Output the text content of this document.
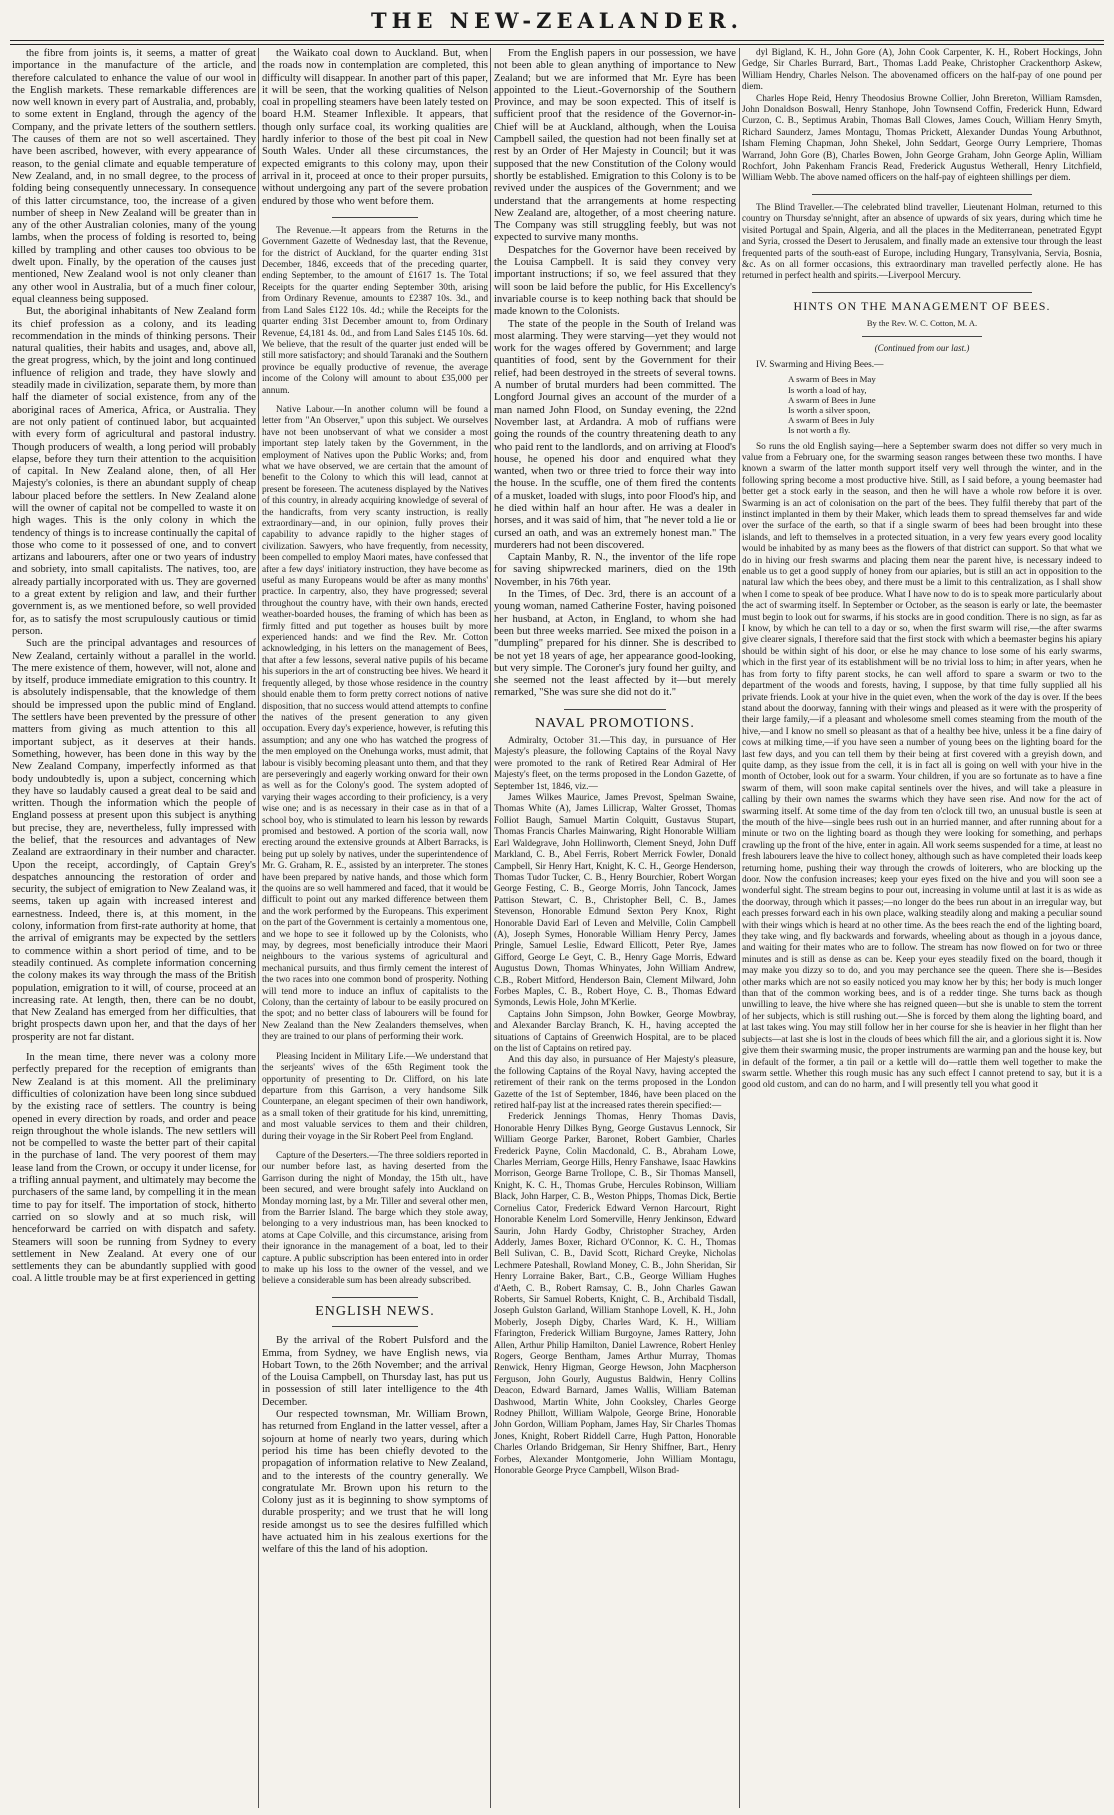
THE NEW-ZEALANDER.

the fibre from joints is, it seems, a matter of great importance in the manufacture of the article, and therefore calculated to enhance the value of our wool in the English markets. These remarkable differences are now well known in every part of Australia, and, probably, to some extent in England, through the agency of the Company, and the private letters of the southern settlers. The causes of them are not so well ascertained. They have been ascribed, however, with every appearance of reason, to the genial climate and equable temperature of New Zealand, and, in no small degree, to the process of folding being consequently unnecessary. In consequence of this latter circumstance, too, the increase of a given number of sheep in New Zealand will be greater than in any of the other Australian colonies, many of the young lambs, when the process of folding is resorted to, being killed by trampling and other causes too obvious to be dwelt upon. Finally, by the operation of the causes just mentioned, New Zealand wool is not only cleaner than any other wool in Australia, but of a much finer colour, equal cleanness being supposed.

But, the aboriginal inhabitants of New Zealand form its chief profession as a colony, and its leading recommendation in the minds of thinking persons. Their natural qualities, their habits and usages, and, above all, the great progress, which, by the joint and long continued influence of religion and trade, they have slowly and steadily made in civilization, separate them, by more than half the diameter of social existence, from any of the aboriginal races of America, Africa, or Australia. They are not only patient of continued labor, but acquainted with every form of agricultural and pastoral industry. Though producers of wealth, a long period will probably elapse, before they turn their attention to the acquisition of capital. In New Zealand alone, then, of all Her Majesty's colonies, is there an abundant supply of cheap labour placed before the settlers. In New Zealand alone will the owner of capital not be compelled to waste it on high wages. This is the only colony in which the tendency of things is to increase continually the capital of those who come to it possessed of one, and to convert artizans and labourers, after one or two years of industry and sobriety, into small capitalists. The natives, too, are already partially incorporated with us. They are governed to a great extent by religion and law, and their further government is, as we mentioned before, so well provided for, as to satisfy the most scrupulously cautious or timid person.

Such are the principal advantages and resources of New Zealand, certainly without a parallel in the world. The mere existence of them, however, will not, alone and by itself, produce immediate emigration to this country. It is absolutely indispensable, that the knowledge of them should be impressed upon the public mind of England. The settlers have been prevented by the pressure of other matters from giving as much attention to this all important subject, as it deserves at their hands. Something, however, has been done in this way by the New Zealand Company, imperfectly informed as that body undoubtedly is, upon a subject, concerning which they have so laudably caused a great deal to be said and written. Though the information which the people of England possess at present upon this subject is anything but precise, they are, nevertheless, fully impressed with the belief, that the resources and advantages of New Zealand are extraordinary in their number and character. Upon the receipt, accordingly, of Captain Grey's despatches announcing the restoration of order and security, the subject of emigration to New Zealand was, it seems, taken up again with increased interest and earnestness. Indeed, there is, at this moment, in the colony, information from first-rate authority at home, that the arrival of emigrants may be expected by the settlers to commence within a short period of time, and to be steadily continued. As complete information concerning the colony makes its way through the mass of the British population, emigration to it will, of course, proceed at an increasing rate. At length, then, there can be no doubt, that New Zealand has emerged from her difficulties, that bright prospects dawn upon her, and that the days of her prosperity are not far distant.

In the mean time, there never was a colony more perfectly prepared for the reception of emigrants than New Zealand is at this moment. All the preliminary difficulties of colonization have been long since subdued by the existing race of settlers. The country is being opened in every direction by roads, and order and peace reign throughout the whole islands. The new settlers will not be compelled to waste the better part of their capital in the purchase of land. The very poorest of them may lease land from the Crown, or occupy it under license, for a trifling annual payment, and ultimately may become the purchasers of the same land, by compelling it in the mean time to pay for itself. The importation of stock, hitherto carried on so slowly and at so much risk, will henceforward be carried on with dispatch and safety. Steamers will soon be running from Sydney to every settlement in New Zealand. At every one of our settlements they can be abundantly supplied with good coal. A little trouble may be at first experienced in getting

the Waikato coal down to Auckland. But, when the roads now in contemplation are completed, this difficulty will disappear. In another part of this paper, it will be seen, that the working qualities of Nelson coal in propelling steamers have been lately tested on board H.M. Steamer Inflexible. It appears, that though only surface coal, its working qualities are hardly inferior to those of the best pit coal in New South Wales. Under all these circumstances, the expected emigrants to this colony may, upon their arrival in it, proceed at once to their proper pursuits, without undergoing any part of the severe probation endured by those who went before them.

The Revenue.—It appears from the Returns in the Government Gazette of Wednesday last, that the Revenue, for the district of Auckland, for the quarter ending 31st December, 1846, exceeds that of the preceding quarter, ending September, to the amount of £1617 1s. The Total Receipts for the quarter ending September 30th, arising from Ordinary Revenue, amounts to £2387 10s. 3d., and from Land Sales £122 10s. 4d.; while the Receipts for the quarter ending 31st December amount to, from Ordinary Revenue, £4,181 4s. 0d., and from Land Sales £145 10s. 6d. We believe, that the result of the quarter just ended will be still more satisfactory; and should Taranaki and the Southern province be equally productive of revenue, the average income of the Colony will amount to about £35,000 per annum.

Native Labour.—In another column will be found a letter from "An Observer," upon this subject. We ourselves have not been unobservant of what we consider a most important step lately taken by the Government, in the employment of Natives upon the Public Works; and, from what we have observed, we are certain that the amount of benefit to the Colony to which this will lead, cannot at present be foreseen. The acuteness displayed by the Natives of this country, in already acquiring knowledge of several of the handicrafts, from very scanty instruction, is really extraordinary—and, in our opinion, fully proves their capability to advance rapidly to the higher stages of civilization. Sawyers, who have frequently, from necessity, been compelled to employ Maori mates, have confessed that after a few days' initiatory instruction, they have become as useful as many Europeans would be after as many months' practice. In carpentry, also, they have progressed; several throughout the country have, with their own hands, erected weather-boarded houses, the framing of which has been as firmly fitted and put together as houses built by more experienced hands: and we find the Rev. Mr. Cotton acknowledging, in his letters on the management of Bees, that after a few lessons, several native pupils of his became his superiors in the art of constructing bee hives. We heard it frequently alleged, by those whose residence in the country should enable them to form pretty correct notions of native disposition, that no success would attend attempts to confine the natives of the present generation to any given occupation. Every day's experience, however, is refuting this assumption; and any one who has watched the progress of the men employed on the Onehunga works, must admit, that labour is visibly becoming pleasant unto them, and that they are perseveringly and eagerly working onward for their own as well as for the Colony's good. The system adopted of varying their wages according to their proficiency, is a very wise one; and is as necessary in their case as in that of a school boy, who is stimulated to learn his lesson by rewards promised and bestowed. A portion of the scoria wall, now erecting around the extensive grounds at Albert Barracks, is being put up solely by natives, under the superintendence of Mr. G. Graham, R. E., assisted by an interpreter. The stones have been prepared by native hands, and those which form the quoins are so well hammered and faced, that it would be difficult to point out any marked difference between them and the work performed by the Europeans. This experiment on the part of the Government is certainly a momentous one, and we hope to see it followed up by the Colonists, who may, by degrees, most beneficially introduce their Maori neighbours to the various systems of agricultural and mechanical pursuits, and thus firmly cement the interest of the two races into one common bond of prosperity. Nothing will tend more to induce an influx of capitalists to the Colony, than the certainty of labour to be easily procured on the spot; and no better class of labourers will be found for New Zealand than the New Zealanders themselves, when they are trained to our plans of performing their work.

Pleasing Incident in Military Life.—We understand that the serjeants' wives of the 65th Regiment took the opportunity of presenting to Dr. Clifford, on his late departure from this Garrison, a very handsome Silk Counterpane, an elegant specimen of their own handiwork, as a small token of their gratitude for his kind, unremitting, and most valuable services to them and their children, during their voyage in the Sir Robert Peel from England.

Capture of the Deserters.—The three soldiers reported in our number before last, as having deserted from the Garrison during the night of Monday, the 15th ult., have been secured, and were brought safely into Auckland on Monday morning last, by a Mr. Tiller and several other men, from the Barrier Island. The barge which they stole away, belonging to a very industrious man, has been knocked to atoms at Cape Colville, and this circumstance, arising from their ignorance in the management of a boat, led to their capture. A public subscription has been entered into in order to make up his loss to the owner of the vessel, and we believe a considerable sum has been already subscribed.

ENGLISH NEWS.

By the arrival of the Robert Pulsford and the Emma, from Sydney, we have English news, via Hobart Town, to the 26th November; and the arrival of the Louisa Campbell, on Thursday last, has put us in possession of still later intelligence to the 4th December.

Our respected townsman, Mr. William Brown, has returned from England in the latter vessel, after a sojourn at home of nearly two years, during which period his time has been chiefly devoted to the propagation of information relative to New Zealand, and to the interests of the country generally. We congratulate Mr. Brown upon his return to the Colony just as it is beginning to show symptoms of durable prosperity; and we trust that he will long reside amongst us to see the desires fulfilled which have actuated him in his zealous exertions for the welfare of this the land of his adoption.

From the English papers in our possession, we have not been able to glean anything of importance to New Zealand; but we are informed that Mr. Eyre has been appointed to the Lieut.-Governorship of the Southern Province, and may be soon expected. This of itself is sufficient proof that the residence of the Governor-in-Chief will be at Auckland, although, when the Louisa Campbell sailed, the question had not been finally set at rest by an Order of Her Majesty in Council; but it was supposed that the new Constitution of the Colony would shortly be established. Emigration to this Colony is to be revived under the auspices of the Government; and we understand that the arrangements at home respecting New Zealand are, altogether, of a most cheering nature. The Company was still struggling feebly, but was not expected to survive many months.

Despatches for the Governor have been received by the Louisa Campbell. It is said they convey very important instructions; if so, we feel assured that they will soon be laid before the public, for His Excellency's invariable course is to keep nothing back that should be made known to the Colonists.

The state of the people in the South of Ireland was most alarming. They were starving—yet they would not work for the wages offered by Government; and large quantities of food, sent by the Government for their relief, had been destroyed in the streets of several towns. A number of brutal murders had been committed. The Longford Journal gives an account of the murder of a man named John Flood, on Sunday evening, the 22nd November last, at Ardandra. A mob of ruffians were going the rounds of the country threatening death to any who paid rent to the landlords, and on arriving at Flood's house, he opened his door and enquired what they wanted, when two or three tried to force their way into the house. In the scuffle, one of them fired the contents of a musket, loaded with slugs, into poor Flood's hip, and he died within half an hour after. He was a dealer in horses, and it was said of him, that "he never told a lie or cursed an oath, and was an extremely honest man." The murderers had not been discovered.

Captain Manby, R. N., the inventor of the life rope for saving shipwrecked mariners, died on the 19th November, in his 76th year.

In the Times, of Dec. 3rd, there is an account of a young woman, named Catherine Foster, having poisoned her husband, at Acton, in England, to whom she had been but three weeks married. See mixed the poison in a "dumpling" prepared for his dinner. She is described to be not yet 18 years of age, her appearance good-looking, but very simple. The Coroner's jury found her guilty, and she seemed not the least affected by it—but merely remarked, "She was sure she did not do it."

NAVAL PROMOTIONS.

Admiralty, October 31.—This day, in pursuance of Her Majesty's pleasure, the following Captains of the Royal Navy were promoted to the rank of Retired Rear Admiral of Her Majesty's fleet, on the terms proposed in the London Gazette, of September 1st, 1846, viz.—

James Wilkes Maurice, James Prevost, Spelman Swaine, Thomas White (A), James Lillicrap, Walter Grosset, Thomas Folliot Baugh, Samuel Martin Colquitt, Gustavus Stupart, Thomas Francis Charles Mainwaring, Right Honorable William Earl Waldegrave, John Hollinworth, Clement Sneyd, John Duff Markland, C. B., Abel Ferris, Robert Merrick Fowler, Donald Campbell, Sir Henry Hart, Knight, K. C. H., George Henderson, Thomas Tudor Tucker, C. B., Henry Bourchier, Robert Worgan George Festing, C. B., George Morris, John Tancock, James Pattison Stewart, C. B., Christopher Bell, C. B., James Stevenson, Honorable Edmund Sexton Pery Knox, Right Honorable David Earl of Leven and Melville, Colin Campbell (A), Joseph Symes, Honorable William Henry Percy, James Pringle, Samuel Leslie, Edward Ellicott, Peter Rye, James Gifford, George Le Geyt, C. B., Henry Gage Morris, Edward Augustus Down, Thomas Whinyates, John William Andrew, C.B., Robert Mitford, Henderson Bain, Clement Milward, John Forbes Maples, C. B., Robert Hoye, C. B., Thomas Edward Symonds, Lewis Hole, John M'Kerlie.

Captains John Simpson, John Bowker, George Mowbray, and Alexander Barclay Branch, K. H., having accepted the situations of Captains of Greenwich Hospital, are to be placed on the list of Captains on retired pay.

And this day also, in pursuance of Her Majesty's pleasure, the following Captains of the Royal Navy, having accepted the retirement of their rank on the terms proposed in the London Gazette of the 1st of September, 1846, have been placed on the retired half-pay list at the increased rates therein specified:—

Frederick Jennings Thomas, Henry Thomas Davis, Honorable Henry Dilkes Byng, George Gustavus Lennock, Sir William George Parker, Baronet, Robert Gambier, Charles Frederick Payne, Colin Macdonald, C. B., Abraham Lowe, Charles Merriam, George Hills, Henry Fanshawe, Isaac Hawkins Morrison, George Barne Trollope, C. B., Sir Thomas Mansell, Knight, K. C. H., Thomas Grube, Hercules Robinson, William Black, John Harper, C. B., Weston Phipps, Thomas Dick, Bertie Cornelius Cator, Frederick Edward Vernon Harcourt, Right Honorable Kenelm Lord Somerville, Henry Jenkinson, Edward Saurin, John Hardy Godby, Christopher Strachey, Arden Adderly, James Boxer, Richard O'Connor, K. C. H., Thomas Bell Sulivan, C. B., David Scott, Richard Creyke, Nicholas Lechmere Pateshall, Rowland Money, C. B., John Sheridan, Sir Henry Lorraine Baker, Bart., C.B., George William Hughes d'Aeth, C. B., Robert Ramsay, C. B., John Charles Gawan Roberts, Sir Samuel Roberts, Knight, C. B., Archibald Tisdall, Joseph Gulston Garland, William Stanhope Lovell, K. H., John Moberly, Joseph Digby, Charles Ward, K. H., William Ffarington, Frederick William Burgoyne, James Rattery, John Allen, Arthur Philip Hamilton, Daniel Lawrence, Robert Henley Rogers, George Bentham, James Arthur Murray, Thomas Renwick, Henry Higman, George Hewson, John Macpherson Ferguson, John Gourly, Augustus Baldwin, Henry Collins Deacon, Edward Barnard, James Wallis, William Bateman Dashwood, Martin White, John Cooksley, Charles George Rodney Phillott, William Walpole, George Brine, Honorable John Gordon, William Popham, James Hay, Sir Charles Thomas Jones, Knight, Robert Riddell Carre, Hugh Patton, Honorable Charles Orlando Bridgeman, Sir Henry Shiffner, Bart., Henry Forbes, Alexander Montgomerie, John William Montagu, Honorable George Pryce Campbell, Wilson Brad-

dyl Bigland, K. H., John Gore (A), John Cook Carpenter, K. H., Robert Hockings, John Gedge, Sir Charles Burrard, Bart., Thomas Ladd Peake, Christopher Crackenthorp Askew, William Hendry, Charles Nelson. The abovenamed officers on the half-pay of one pound per diem.

Charles Hope Reid, Henry Theodosius Browne Collier, John Brereton, William Ramsden, John Donaldson Boswall, Henry Stanhope, John Townsend Coffin, Frederick Hunn, Edward Curzon, C. B., Septimus Arabin, Thomas Ball Clowes, James Couch, William Henry Smyth, Richard Saunderz, James Montagu, Thomas Prickett, Alexander Dundas Young Arbuthnot, Isham Fleming Chapman, John Shekel, John Seddart, George Ourry Lempriere, Thomas Warrand, John Gore (B), Charles Bowen, John George Graham, John George Aplin, William Rochfort, John Pakenham Francis Read, Frederick Augustus Wetherall, Henry Litchfield, William Webb. The above named officers on the half-pay of eighteen shillings per diem.

The Blind Traveller.—The celebrated blind traveller, Lieutenant Holman, returned to this country on Thursday se'nnight, after an absence of upwards of six years, during which time he visited Portugal and Spain, Algeria, and all the places in the Mediterranean, penetrated Egypt and Syria, crossed the Desert to Jerusalem, and finally made an extensive tour through the least frequented parts of the south-east of Europe, including Hungary, Transylvania, Servia, Bosnia, &c. As on all former occasions, this extraordinary man travelled perfectly alone. He has returned in perfect health and spirits.—Liverpool Mercury.

HINTS ON THE MANAGEMENT OF BEES.
By the Rev. W. C. Cotton, M. A.
(Continued from our last.)

IV. Swarming and Hiving Bees.—

A swarm of Bees in May
Is worth a load of hay,
A swarm of Bees in June
Is worth a silver spoon,
A swarm of Bees in July
Is not worth a fly.

So runs the old English saying—here a September swarm does not differ so very much in value from a February one, for the swarming season ranges between these two months. I have known a swarm of the latter month support itself very well through the winter, and in the following spring become a most productive hive. Still, as I said before, a young beemaster had better get a stock early in the season, and then he will have a whole row before it is over. Swarming is an act of colonisation on the part of the bees. They fulfil thereby that part of the instinct implanted in them by their Maker, which leads them to spread themselves far and wide over the surface of the earth, so that if a single swarm of bees had been brought into these islands, and left to themselves in a protected situation, in a very few years every good locality would be inhabited by as many bees as the flowers of that district can support. So that what we do in hiving our fresh swarms and placing them near the parent hive, is necessary indeed to enable us to get a good supply of honey from our apiaries, but is still an act in opposition to the natural law which the bees obey, and there must be a limit to this centralization, as I shall show when I come to speak of bee produce. What I have now to do is to speak more particularly about the act of swarming itself. In September or October, as the season is early or late, the beemaster must begin to look out for swarms, if his stocks are in good condition. There is no sign, as far as I know, by which he can tell to a day or so, when the first swarm will rise,—the after swarms give clearer signals, I therefore said that the first stock with which a beemaster begins his apiary should be within sight of his door, or else he may chance to lose some of his early swarms, which in the first year of its establishment will be no trivial loss to him; in after years, when he has from forty to fifty parent stocks, he can well afford to spare a swarm or two to the department of the woods and forests, having, I suppose, by that time fully supplied all his private friends. Look at your hive in the quiet even, when the work of the day is over. If the bees stand about the doorway, fanning with their wings and pleased as it were with the prosperity of their large family,—if a pleasant and wholesome smell comes steaming from the mouth of the hive,—and I know no smell so pleasant as that of a healthy bee hive, unless it be a fine dairy of cows at milking time,—if you have seen a number of young bees on the lighting board for the last few days, and you can tell them by their being at first covered with a greyish down, and quite damp, as they issue from the cell, it is in fact all is going on well with your hive in the month of October, look out for a swarm. Your children, if you are so fortunate as to have a fine swarm of them, will soon make capital sentinels over the hives, and will take a pleasure in calling by their own names the swarms which they have seen rise. And now for the act of swarming itself. At some time of the day from ten o'clock till two, an unusual bustle is seen at the mouth of the hive—single bees rush out in an hurried manner, and after running about for a minute or two on the lighting board as though they were looking for something, and perhaps crawling up the front of the hive, enter in again. All work seems suspended for a time, at least no fresh labourers leave the hive to collect honey, although such as have completed their loads keep returning home, pushing their way through the crowds of loiterers, who are blocking up the door. Now the confusion increases; keep your eyes fixed on the hive and you will soon see a wonderful sight. The stream begins to pour out, increasing in volume until at last it is as wide as the doorway, through which it passes;—no longer do the bees run about in an irregular way, but each presses forward each in his own place, walking steadily along and making a peculiar sound with their wings which is heard at no other time. As the bees reach the end of the lighting board, they take wing, and fly backwards and forwards, wheeling about as though in a joyous dance, and waiting for their mates who are to follow. The stream has now flowed on for two or three minutes and is still as dense as can be. Keep your eyes steadily fixed on the board, though it may make you dizzy so to do, and you may perchance see the queen. There she is—Besides other marks which are not so easily noticed you may know her by this; her body is much longer than that of the common working bees, and is of a redder tinge. She turns back as though unwilling to leave, the hive where she has reigned queen—but she is unable to stem the torrent of her subjects, which is still rushing out.—She is forced by them along the lighting board, and at last takes wing. You may still follow her in her course for she is heavier in her flight than her subjects—at last she is lost in the clouds of bees which fill the air, and a glorious sight it is. Now give them their swarming music, the proper instruments are warming pan and the house key, but in default of the former, a tin pail or a kettle will do—rattle them well together to make the swarm settle. Whether this rough music has any such effect I cannot pretend to say, but it is a good old custom, and can do no harm, and I will presently tell you what good it
